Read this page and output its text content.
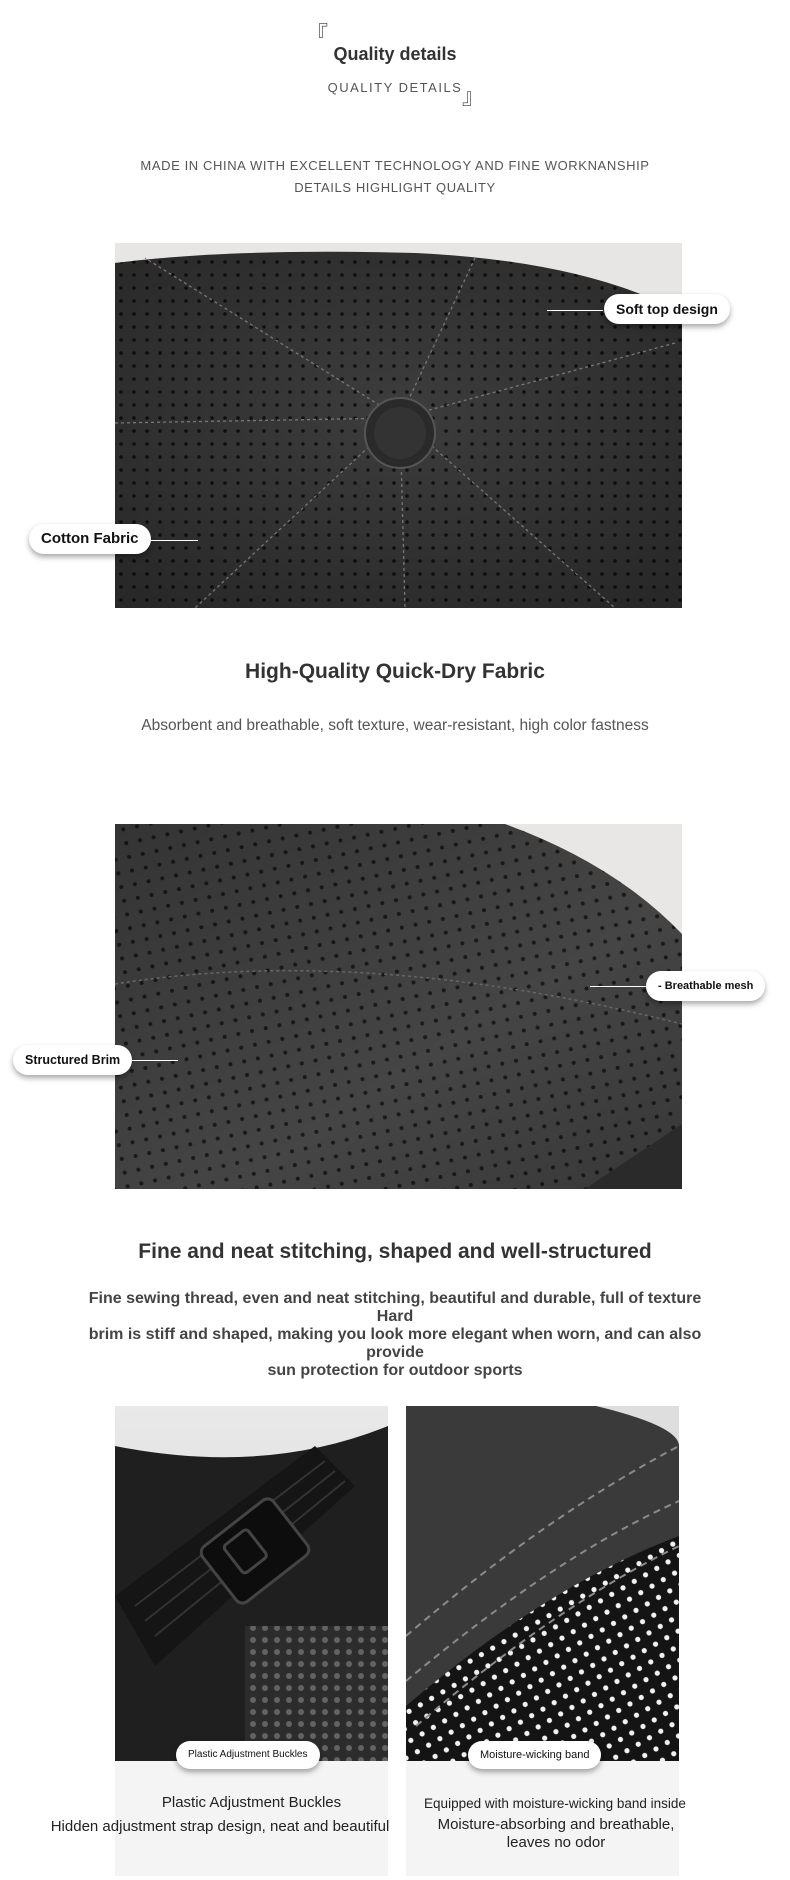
『
Quality details
QUALITY DETAILS 』
MADE IN CHINA WITH EXCELLENT TECHNOLOGY AND FINE WORKNANSHIP
DETAILS HIGHLIGHT QUALITY
Soft top design
Cotton Fabric
High-Quality Quick-Dry Fabric
Absorbent and breathable, soft texture, wear-resistant, high color fastness
- Breathable mesh
Structured Brim
Fine and neat stitching, shaped and well-structured
Fine sewing thread, even and neat stitching, beautiful and durable, full of texture Hard
brim is stiff and shaped, making you look more elegant when worn, and can also provide
sun protection for outdoor sports
Plastic Adjustment Buckles
Plastic Adjustment Buckles
Hidden adjustment strap design, neat and beautiful
Moisture-wicking band
Equipped with moisture-wicking band inside
Moisture-absorbing and breathable,
leaves no odor
